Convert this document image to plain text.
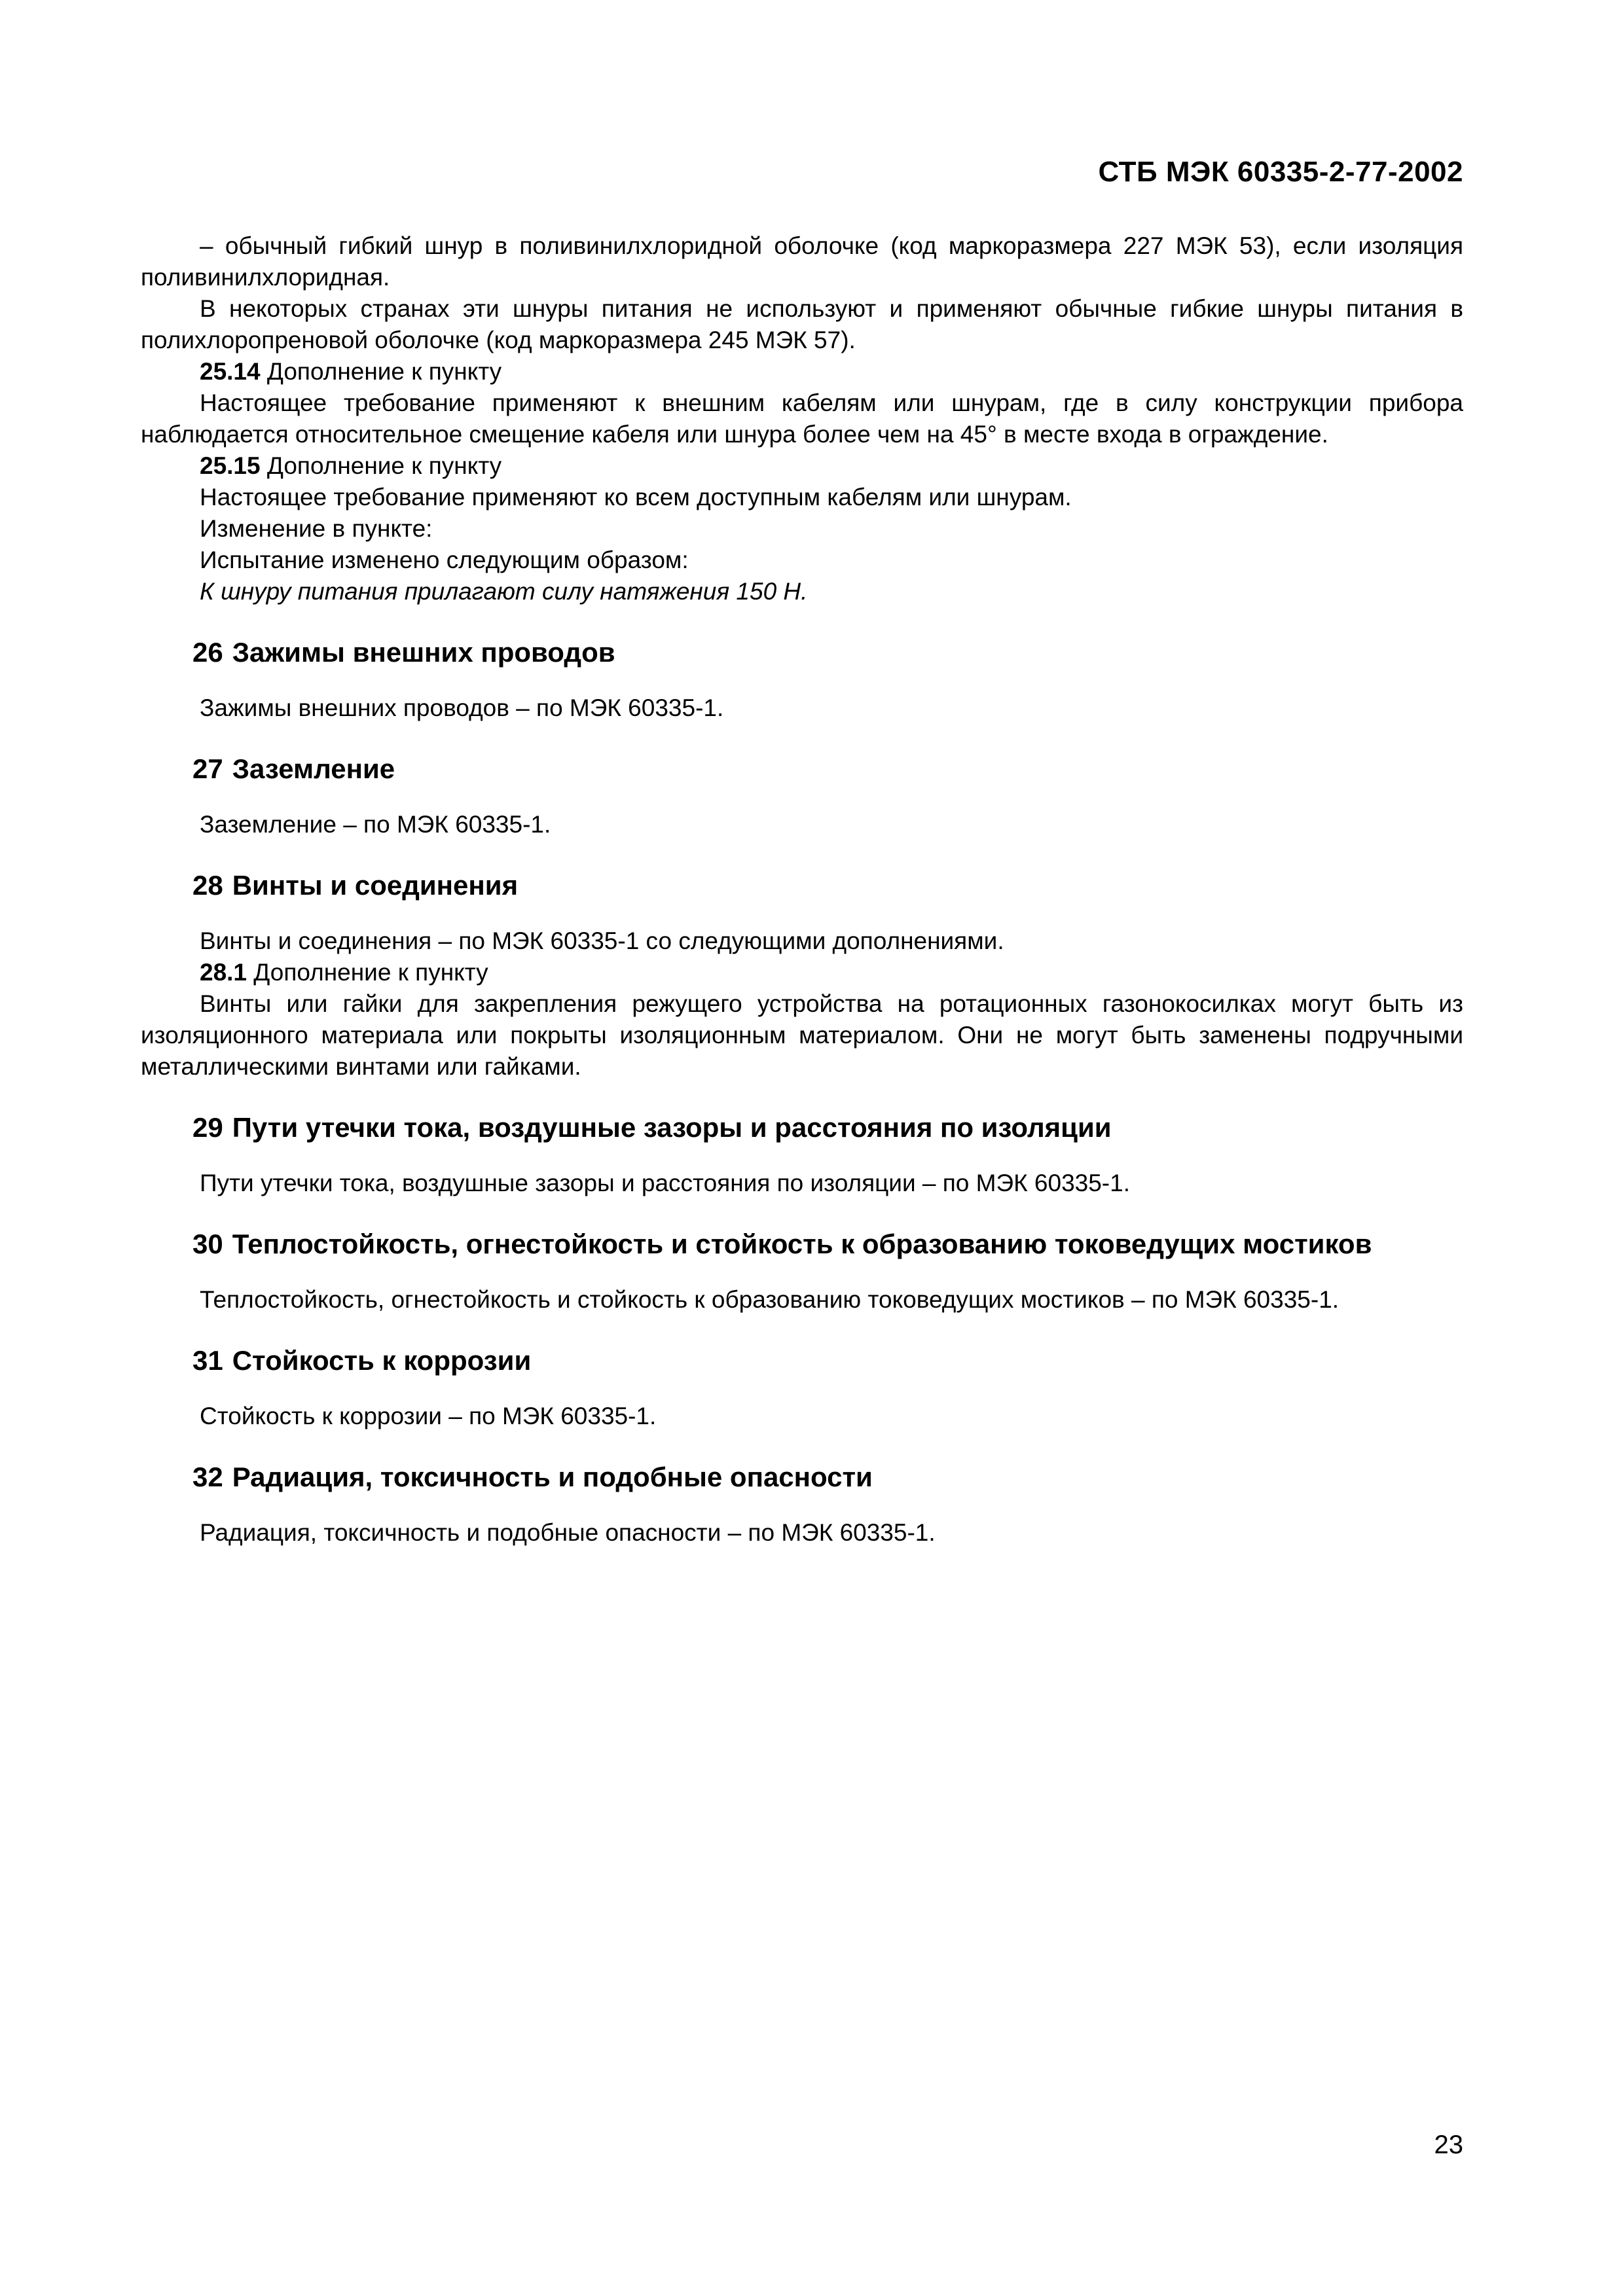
СТБ МЭК 60335-2-77-2002

– обычный гибкий шнур в поливинилхлоридной оболочке (код маркоразмера 227 МЭК 53), если изоляция поливинилхлоридная.

В некоторых странах эти шнуры питания не используют и применяют обычные гибкие шнуры питания в полихлоропреновой оболочке (код маркоразмера 245 МЭК 57).

25.14 Дополнение к пункту

Настоящее требование применяют к внешним кабелям или шнурам, где в силу конструкции прибора наблюдается относительное смещение кабеля или шнура более чем на 45° в месте входа в ограждение.

25.15 Дополнение к пункту

Настоящее требование применяют ко всем доступным кабелям или шнурам.

Изменение в пункте:

Испытание изменено следующим образом:

К шнуру питания прилагают силу натяжения 150 Н.

26 Зажимы внешних проводов

Зажимы внешних проводов – по МЭК 60335-1.

27 Заземление

Заземление – по МЭК 60335-1.

28 Винты и соединения

Винты и соединения – по МЭК 60335-1 со следующими дополнениями.

28.1 Дополнение к пункту

Винты или гайки для закрепления режущего устройства на ротационных газонокосилках могут быть из изоляционного материала или покрыты изоляционным материалом. Они не могут быть заменены подручными металлическими винтами или гайками.

29 Пути утечки тока, воздушные зазоры и расстояния по изоляции

Пути утечки тока, воздушные зазоры и расстояния по изоляции – по МЭК 60335-1.

30 Теплостойкость, огнестойкость и стойкость к образованию токоведущих мостиков

Теплостойкость, огнестойкость и стойкость к образованию токоведущих мостиков – по МЭК 60335-1.

31 Стойкость к коррозии

Стойкость к коррозии – по МЭК 60335-1.

32 Радиация, токсичность и подобные опасности

Радиация, токсичность и подобные опасности – по МЭК 60335-1.

23
